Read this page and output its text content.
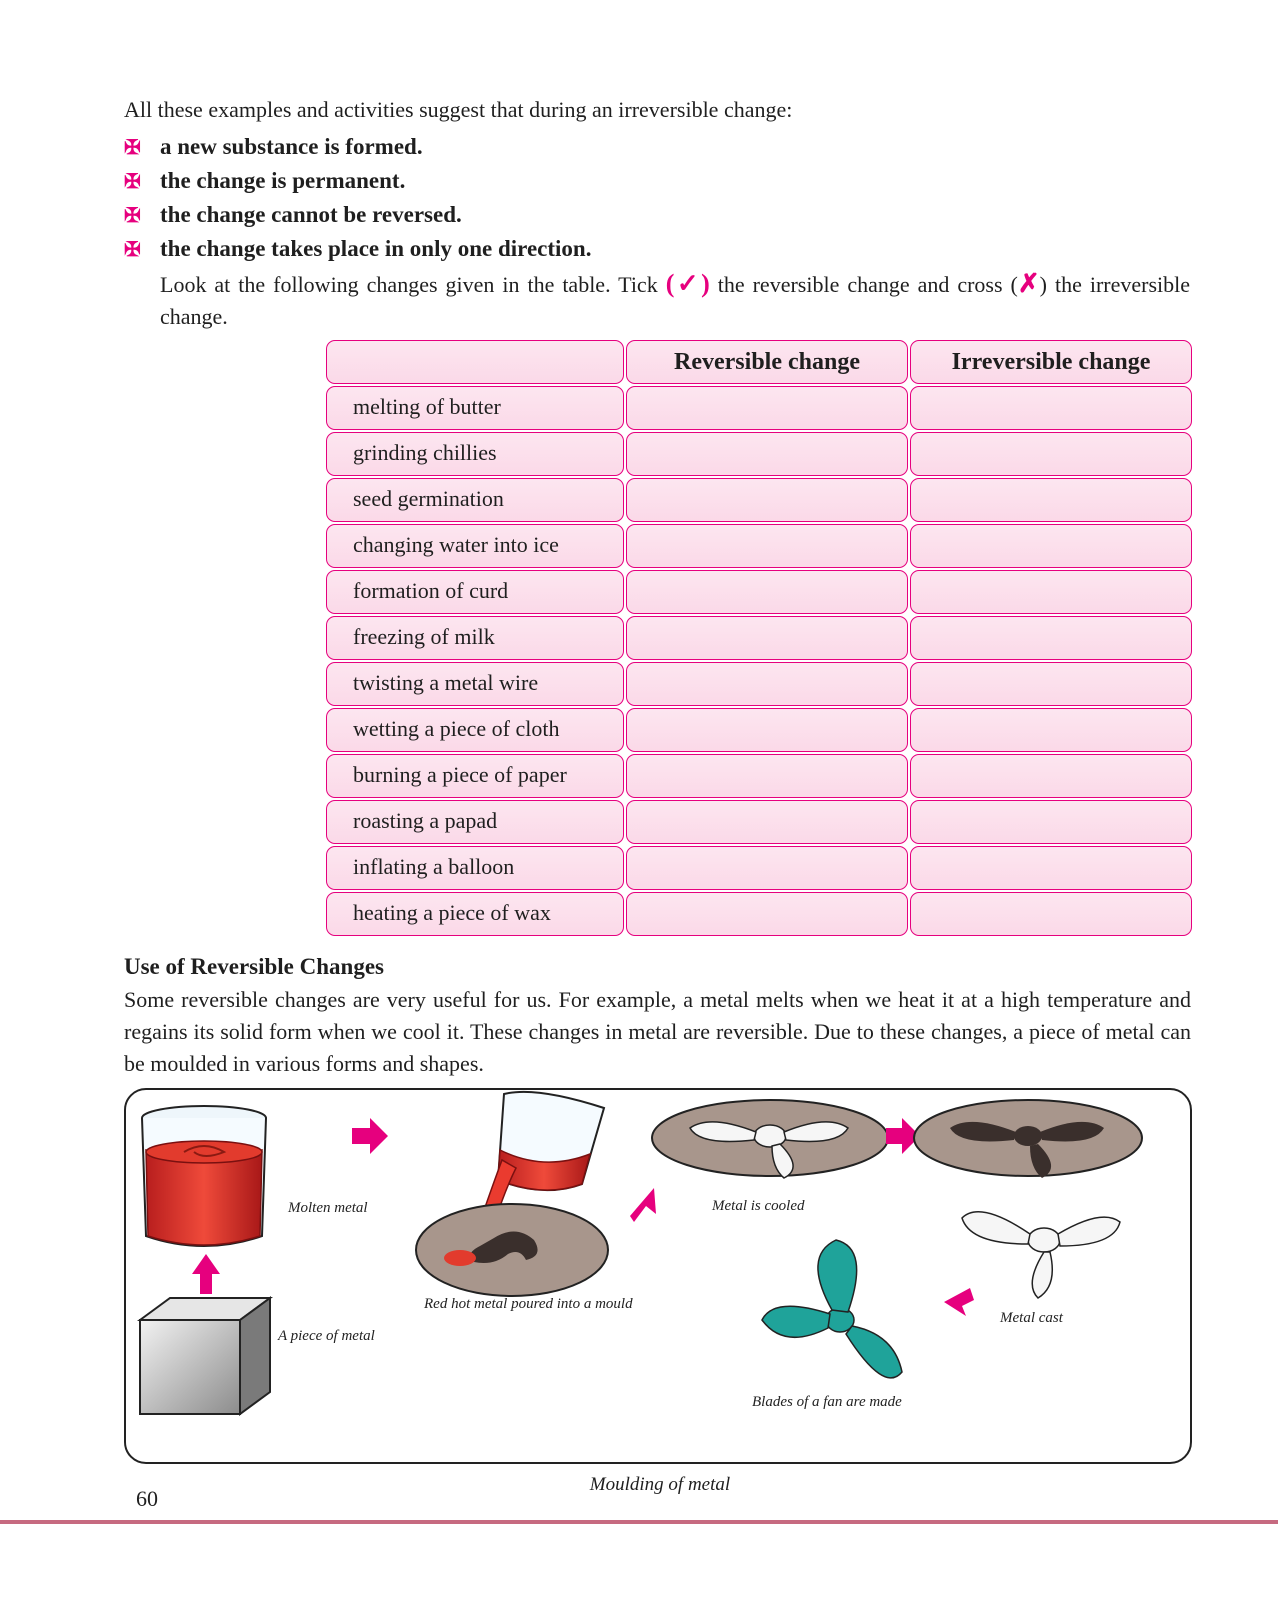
All these examples and activities suggest that during an irreversible change:
✠ a new substance is formed.
✠ the change is permanent.
✠ the change cannot be reversed.
✠ the change takes place in only one direction.
Look at the following changes given in the table. Tick (✓) the reversible change and cross (✗) the irreversible change.
Reversible change	Irreversible change
melting of butter
grinding chillies
seed germination
changing water into ice
formation of curd
freezing of milk
twisting a metal wire
wetting a piece of cloth
burning a piece of paper
roasting a papad
inflating a balloon
heating a piece of wax
Use of Reversible Changes
Some reversible changes are very useful for us. For example, a metal melts when we heat it at a high temperature and regains its solid form when we cool it. These changes in metal are reversible. Due to these changes, a piece of metal can be moulded in various forms and shapes.
Molten metal
A piece of metal
Red hot metal poured into a mould
Metal is cooled
Metal cast
Blades of a fan are made
Moulding of metal
60
